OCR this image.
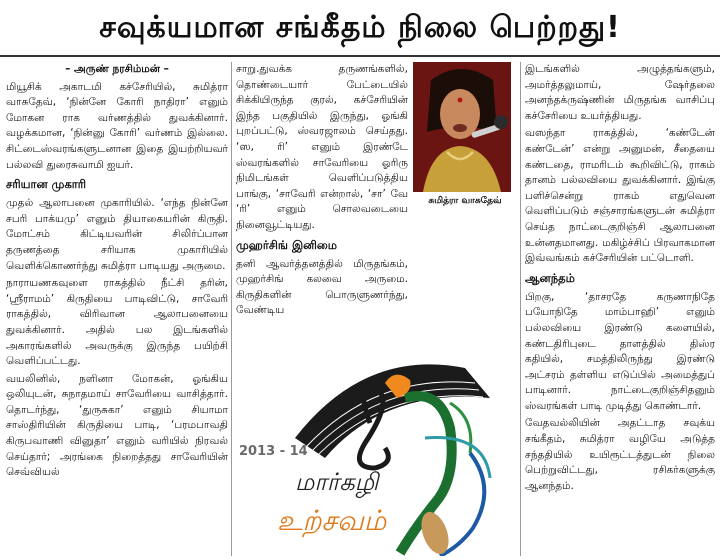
சவுக்யமான சங்கீதம் நிலை பெற்றது!

– அருண் நரசிம்மன் –

மியூசிக் அகாடமி கச்சேரியில், சுமித்ரா வாசுதேவ், ‘நின்னே கோரி நாதிரா’ எனும் மோகன ராக வர்ணத்தில் துவக்கினார். வழக்கமான, ‘நின்னு கோரி’ வர்ணம் இல்லை. சிட்டைஸ்வரங்களுடனான இதை இயற்றியவர் பல்லவி துரைசுவாமி ஐயர்.

சரியான முகாரி

முதல் ஆலாபனை முகாரியில். ‘எந்த நின்னே சபரி பாக்யமு’ எனும் தியாகையரின் கிருதி. மோட்சம் கிட்டியவரின் சிலிர்ப்பான தருணத்தை சரியாக முகாரியில் வெளிக்கொணர்ந்து சுமித்ரா பாடியது அருமை.

நாராயணகவுளை ராகத்தில் நீட்சி தரின், ‘ஸ்ரீராமம்’ கிருதியை பாடிவிட்டு, சாவேரி ராகத்தில், விரிவான ஆலாபனையை துவக்கினார். அதில் பல இடங்களில் அகாரங்களில் அவருக்கு இருந்த பயிற்சி வெளிப்பட்டது.

வயலினில், நளினா மோகன், ஓங்கிய ஒலியுடன், சுநாதமாய் சாவேரியை வாசித்தார். தொடர்ந்து, ‘துருசுகா’ எனும் சியாமா சாஸ்திரியின் கிருதியை பாடி, ‘பரமபாவதி கிருபவாணி வினுதா’ எனும் வரியில் நிரவல் செய்தார்; அரங்கை நிறைத்தது சாவேரியின் செவ்வியல்

சாறு.துவக்க தருணங்களில், தொண்டையார் பேட்டையில் சிக்கியிருந்த குரல், கச்சேரியின் இந்த பகுதியில் இருந்து, ஓங்கி புறப்பட்டு, ஸ்வரஜாலம் செய்தது. ‘ஸ, ரி’ எனும் இரண்டே ஸ்வரங்களில் சாவேரியை ஓரிரு நிமிடங்கள் வெளிப்படுத்திய பாங்கு, ‘சாவேரி என்றால், ‘சா’ வே ‘ரி’ எனும் சொலவடையை நினைவூட்டியது.

முஹர்சிங் இனிமை

தனி ஆவர்த்தனத்தில் மிருதங்கம், முஹர்சிங் கலவை அருமை. கிருதிகளின் பொருளுணர்ந்து, வேண்டிய

சுமித்ரா வாசுதேவ்
2013 - 14
மார்கழி
உற்சவம்

இடங்களில் அழுத்தங்களும், அமர்த்தலுமாய், ஷேர்தலை அனந்தக்ருஷ்ணின் மிருதங்க வாசிப்பு கச்சேரியை உயர்த்தியது.

வஸந்தா ராகத்தில், ‘கண்டேன் கண்டேன்’ என்று அனுமன், சீதையை கண்டதை, ராமரிடம் கூறிவிட்டு, ராகம் தானம் பல்லவியை துவக்கினார். இங்கு பளிச்சென்று ராகம் எதுவென வெளிப்படும் சஞ்சாரங்களுடன் சுமித்ரா செய்த நாட்டைகுறிஞ்சி ஆலாபனை உன்னதமானது. மகிழ்ச்சிப் பிரவாகமான இவ்வங்கம் கச்சேரியின் பட்டொளி.

ஆனந்தம்

பிறகு, ‘தாசரதே கருணாநிதே பயோநிதே மாம்பாஹி’ எனும் பல்லவியை இரண்டு களையில், கண்டதிரிபுடை தாளத்தில் திஸ்ர கதியில், சமத்திலிருந்து இரண்டு அட்சரம் தள்ளிய எடுப்பில் அமைத்துப் பாடினார். நாட்டைகுறிஞ்சிதனும் ஸ்வரங்கள் பாடி முடித்து கொண்டார்.

வேதவல்லியின் அதட்டாத சவுக்ய சங்கீதம், சுமித்ரா வழியே அடுத்த சந்ததியில் உயிரூட்டத்துடன் நிலை பெற்றுவிட்டது, ரசிகர்களுக்கு ஆனந்தம்.
